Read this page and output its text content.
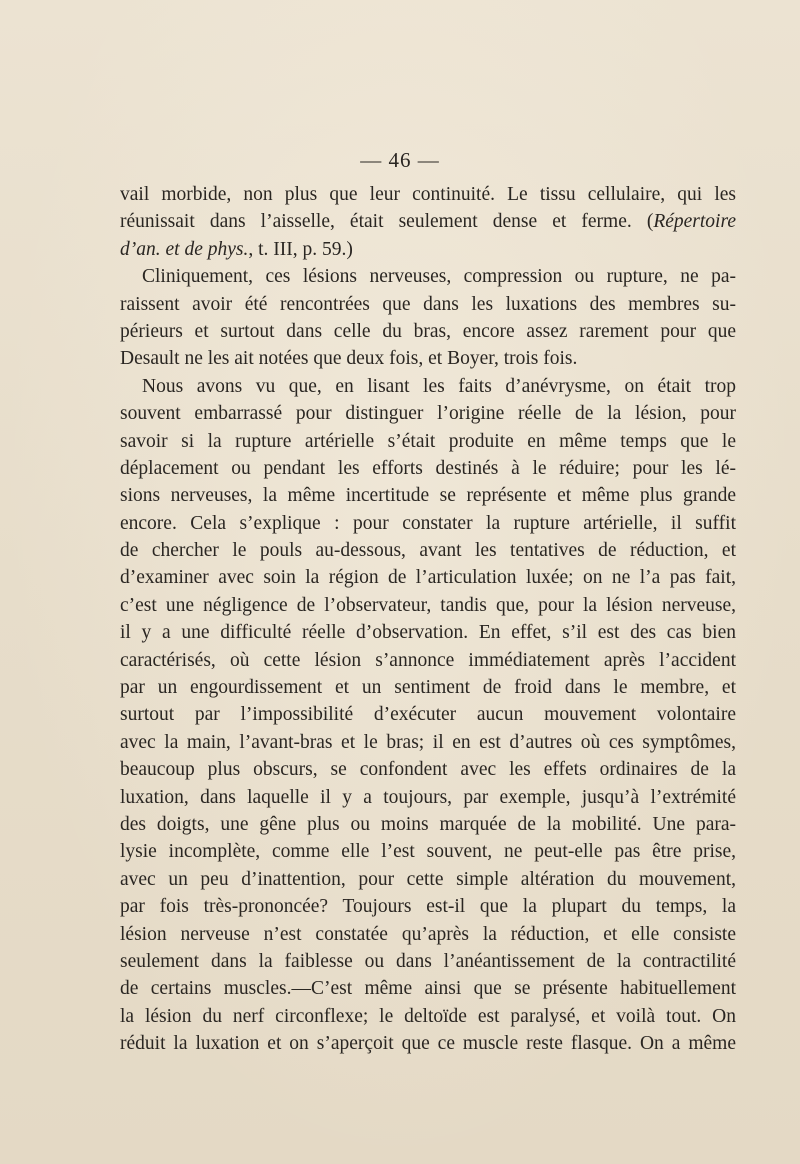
— 46 —
vail morbide, non plus que leur continuité. Le tissu cellulaire, qui les
réunissait dans l’aisselle, était seulement dense et ferme. (Répertoire
d’an. et de phys., t. III, p. 59.)
Cliniquement, ces lésions nerveuses, compression ou rupture, ne pa-
raissent avoir été rencontrées que dans les luxations des membres su-
périeurs et surtout dans celle du bras, encore assez rarement pour que
Desault ne les ait notées que deux fois, et Boyer, trois fois.
Nous avons vu que, en lisant les faits d’anévrysme, on était trop
souvent embarrassé pour distinguer l’origine réelle de la lésion, pour
savoir si la rupture artérielle s’était produite en même temps que le
déplacement ou pendant les efforts destinés à le réduire; pour les lé-
sions nerveuses, la même incertitude se représente et même plus grande
encore. Cela s’explique : pour constater la rupture artérielle, il suffit
de chercher le pouls au-dessous, avant les tentatives de réduction, et
d’examiner avec soin la région de l’articulation luxée; on ne l’a pas fait,
c’est une négligence de l’observateur, tandis que, pour la lésion nerveuse,
il y a une difficulté réelle d’observation. En effet, s’il est des cas bien
caractérisés, où cette lésion s’annonce immédiatement après l’accident
par un engourdissement et un sentiment de froid dans le membre, et
surtout par l’impossibilité d’exécuter aucun mouvement volontaire
avec la main, l’avant-bras et le bras; il en est d’autres où ces symptômes,
beaucoup plus obscurs, se confondent avec les effets ordinaires de la
luxation, dans laquelle il y a toujours, par exemple, jusqu’à l’extrémité
des doigts, une gêne plus ou moins marquée de la mobilité. Une para-
lysie incomplète, comme elle l’est souvent, ne peut-elle pas être prise,
avec un peu d’inattention, pour cette simple altération du mouvement,
par fois très-prononcée? Toujours est-il que la plupart du temps, la
lésion nerveuse n’est constatée qu’après la réduction, et elle consiste
seulement dans la faiblesse ou dans l’anéantissement de la contractilité
de certains muscles.—C’est même ainsi que se présente habituellement
la lésion du nerf circonflexe; le deltoïde est paralysé, et voilà tout. On
réduit la luxation et on s’aperçoit que ce muscle reste flasque. On a même
